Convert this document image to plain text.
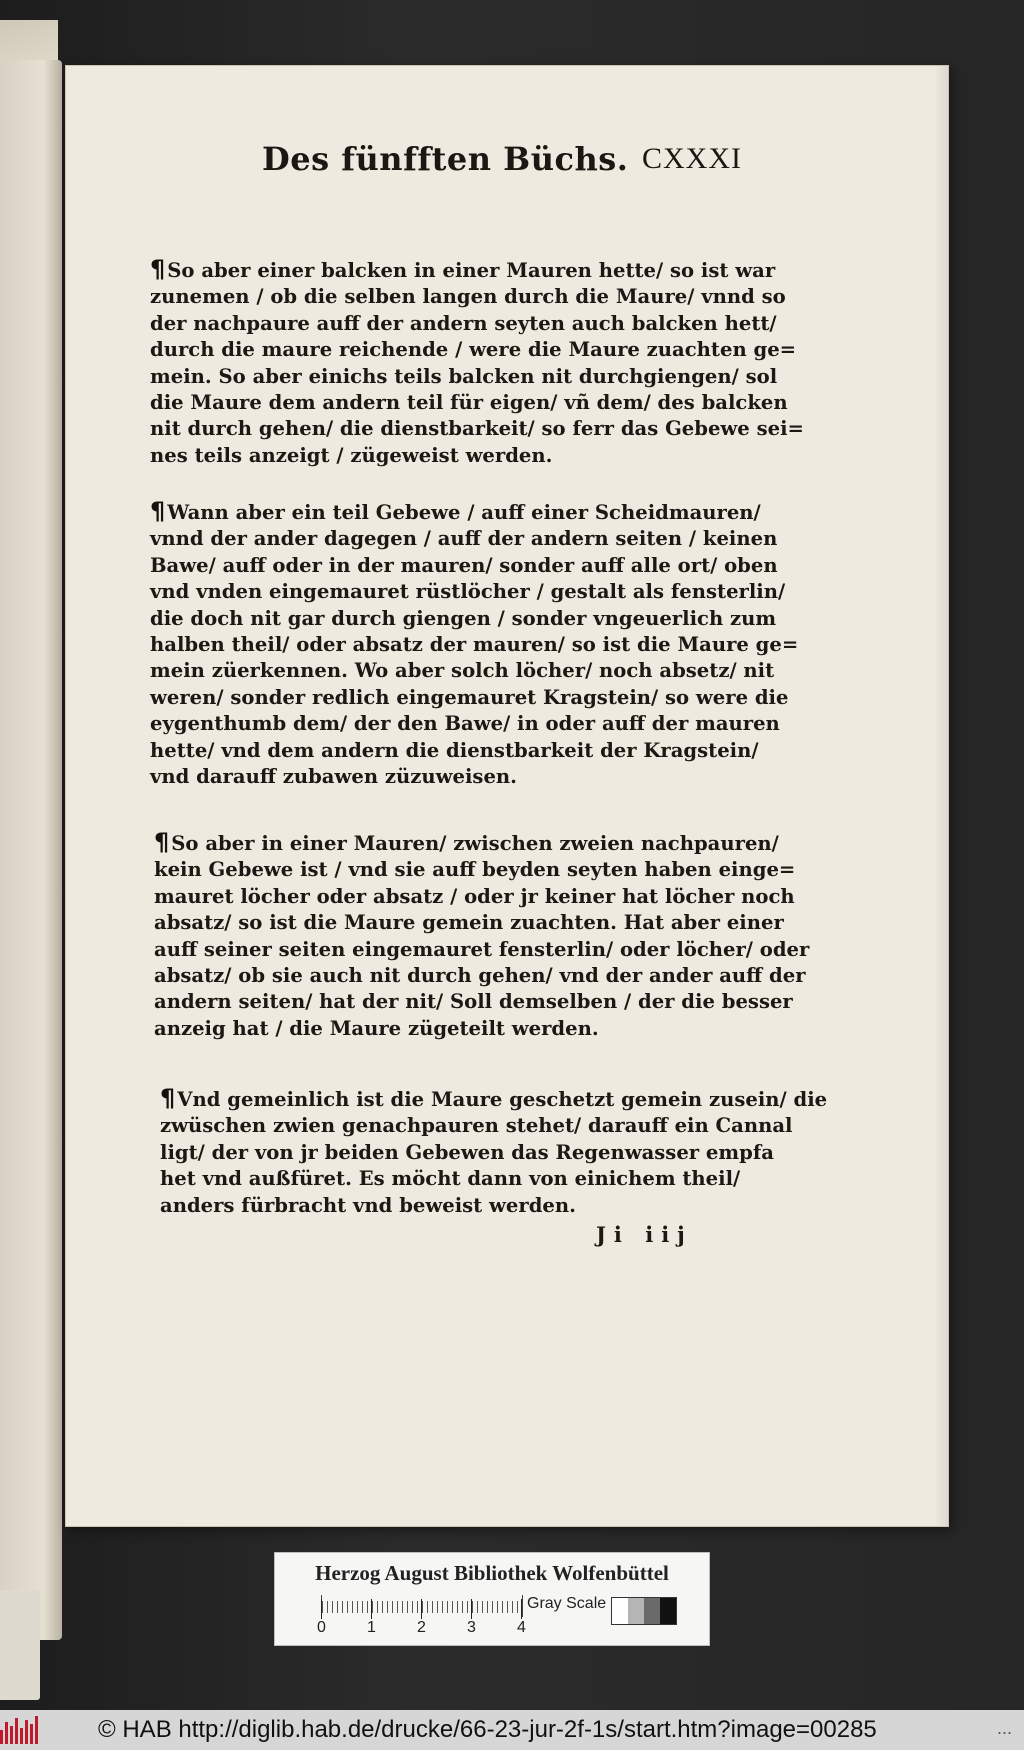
Des fünfften Büchs. CXXXI
¶ So aber einer balcken in einer Mauren hette/ so ist war
zunemen / ob die selben langen durch die Maure/ vnnd so
der nachpaure auff der andern seyten auch balcken hett/
durch die maure reichende / were die Maure zuachten ge=
mein. So aber einichs teils balcken nit durchgiengen/ sol
die Maure dem andern teil für eigen/ vñ dem/ des balcken
nit durch gehen/ die dienstbarkeit/ so ferr das Gebewe sei=
nes teils anzeigt / zügeweist werden.
¶ Wann aber ein teil Gebewe / auff einer Scheidmauren/
vnnd der ander dagegen / auff der andern seiten / keinen
Bawe/ auff oder in der mauren/ sonder auff alle ort/ oben
vnd vnden eingemauret rüstlöcher / gestalt als fensterlin/
die doch nit gar durch giengen / sonder vngeuerlich zum
halben theil/ oder absatz der mauren/ so ist die Maure ge=
mein züerkennen. Wo aber solch löcher/ noch absetz/ nit
weren/ sonder redlich eingemauret Kragstein/ so were die
eygenthumb dem/ der den Bawe/ in oder auff der mauren
hette/ vnd dem andern die dienstbarkeit der Kragstein/
vnd darauff zubawen züzuweisen.
¶ So aber in einer Mauren/ zwischen zweien nachpauren/
kein Gebewe ist / vnd sie auff beyden seyten haben einge=
mauret löcher oder absatz / oder jr keiner hat löcher noch
absatz/ so ist die Maure gemein zuachten. Hat aber einer
auff seiner seiten eingemauret fensterlin/ oder löcher/ oder
absatz/ ob sie auch nit durch gehen/ vnd der ander auff der
andern seiten/ hat der nit/ Soll demselben / der die besser
anzeig hat / die Maure zügeteilt werden.
¶ Vnd gemeinlich ist die Maure geschetzt gemein zusein/ die
zwüschen zwien genachpauren stehet/ darauff ein Cannal
ligt/ der von jr beiden Gebewen das Regenwasser empfa
het vnd außfüret. Es möcht dann von einichem theil/
anders fürbracht vnd beweist werden.
Ji iij
Herzog August Bibliothek Wolfenbüttel
0	1	2	3	4
Gray Scale
© HAB http://diglib.hab.de/drucke/66-23-jur-2f-1s/start.htm?image=00285	...
